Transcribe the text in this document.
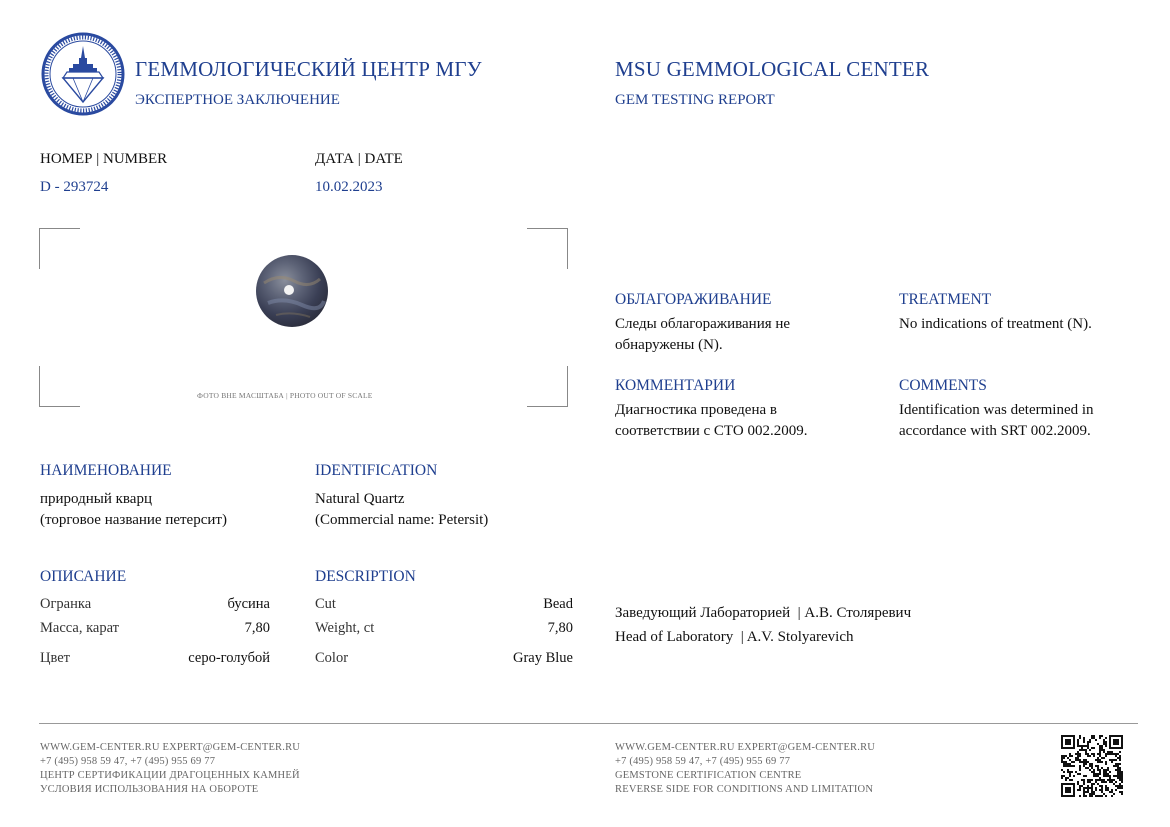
ГЕММОЛОГИЧЕСКИЙ ЦЕНТР МГУ
ЭКСПЕРТНОЕ ЗАКЛЮЧЕНИЕ
MSU GEMMOLOGICAL CENTER
GEM TESTING REPORT
НОМЕР | NUMBER
D - 293724
ДАТА | DATE
10.02.2023
ФОТО ВНЕ МАСШТАБА | PHOTO OUT OF SCALE
НАИМЕНОВАНИЕ
природный кварц
(торговое название петерсит)
IDENTIFICATION
Natural Quartz
(Commercial name: Petersit)
ОПИСАНИЕ	DESCRIPTION
Огранка	бусина
Масса, карат	7,80
Цвет	серо-голубой
Cut	Bead
Weight, ct	7,80
Color	Gray Blue
ОБЛАГОРАЖИВАНИЕ
Следы облагораживания не обнаружены (N).
TREATMENT
No indications of treatment (N).
КОММЕНТАРИИ
Диагностика проведена в соответствии с СТО 002.2009.
COMMENTS
Identification was determined in accordance with SRT 002.2009.
Заведующий Лабораторией  | А.В. Столяревич
Head of Laboratory  | A.V. Stolyarevich
WWW.GEM-CENTER.RU EXPERT@GEM-CENTER.RU
+7 (495) 958 59 47, +7 (495) 955 69 77
ЦЕНТР СЕРТИФИКАЦИИ ДРАГОЦЕННЫХ КАМНЕЙ
УСЛОВИЯ ИСПОЛЬЗОВАНИЯ НА ОБОРОТЕ
WWW.GEM-CENTER.RU EXPERT@GEM-CENTER.RU
+7 (495) 958 59 47, +7 (495) 955 69 77
GEMSTONE CERTIFICATION CENTRE
REVERSE SIDE FOR CONDITIONS AND LIMITATION
